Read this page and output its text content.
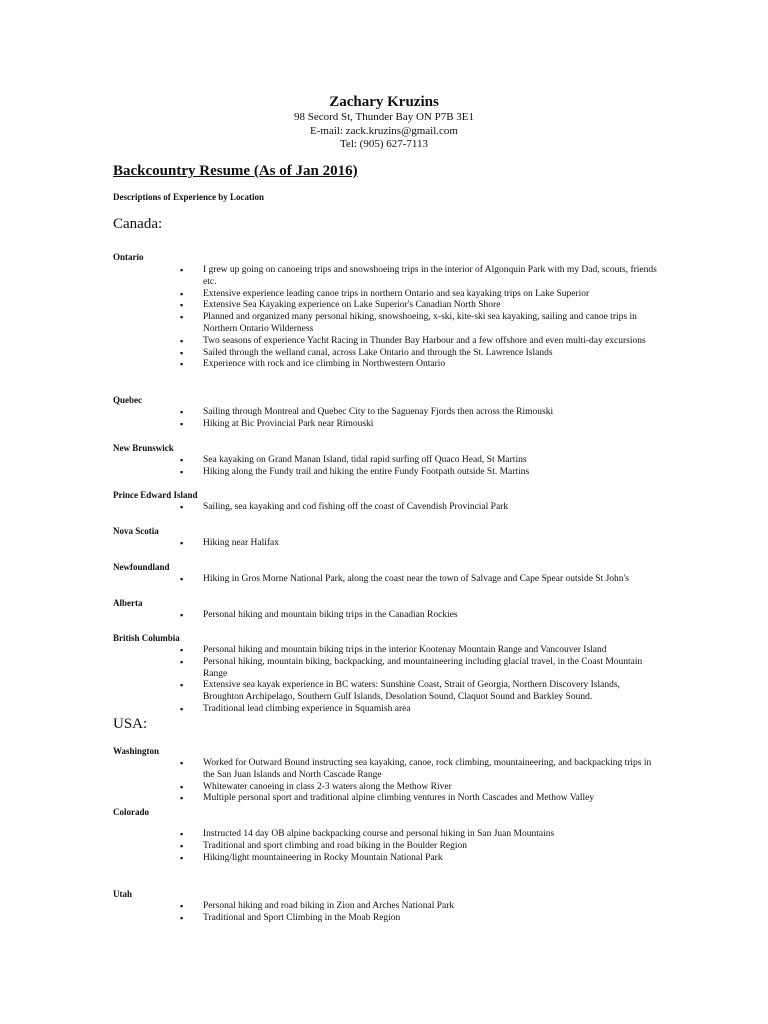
Zachary Kruzins
98 Secord St, Thunder Bay ON P7B 3E1
E-mail: zack.kruzins@gmail.com
Tel: (905) 627-7113
Backcountry Resume (As of Jan 2016)
Descriptions of Experience by Location
Canada:
Ontario
▪ I grew up going on canoeing trips and snowshoeing trips in the interior of Algonquin Park with my Dad, scouts, friends etc.
▪ Extensive experience leading canoe trips in northern Ontario and sea kayaking trips on Lake Superior
▪ Extensive Sea Kayaking experience on Lake Superior's Canadian North Shore
▪ Planned and organized many personal hiking, snowshoeing, x-ski, kite-ski sea kayaking, sailing and canoe trips in Northern Ontario Wilderness
▪ Two seasons of experience Yacht Racing in Thunder Bay Harbour and a few offshore and even multi-day excursions
▪ Sailed through the welland canal, across Lake Ontario and through the St. Lawrence Islands
▪ Experience with rock and ice climbing in Northwestern Ontario
Quebec
▪ Sailing through Montreal and Quebec City to the Saguenay Fjords then across the Rimouski
▪ Hiking at Bic Provincial Park near Rimouski
New Brunswick
▪ Sea kayaking on Grand Manan Island, tidal rapid surfing off Quaco Head, St Martins
▪ Hiking along the Fundy trail and hiking the entire Fundy Footpath outside St. Martins
Prince Edward Island
▪ Sailing, sea kayaking and cod fishing off the coast of Cavendish Provincial Park
Nova Scotia
▪ Hiking near Halifax
Newfoundland
▪ Hiking in Gros Morne National Park, along the coast near the town of Salvage and Cape Spear outside St John's
Alberta
▪ Personal hiking and mountain biking trips in the Canadian Rockies
British Columbia
▪ Personal hiking and mountain biking trips in the interior Kootenay Mountain Range and Vancouver Island
▪ Personal hiking, mountain biking, backpacking, and mountaineering including glacial travel, in the Coast Mountain Range
▪ Extensive sea kayak experience in BC waters: Sunshine Coast, Strait of Georgia, Northern Discovery Islands, Broughton Archipelago, Southern Gulf Islands, Desolation Sound, Claquot Sound and Barkley Sound.
▪ Traditional lead climbing experience in Squamish area
USA:
Washington
▪ Worked for Outward Bound instructing sea kayaking, canoe, rock climbing, mountaineering, and backpacking trips in the San Juan Islands and North Cascade Range
▪ Whitewater canoeing in class 2-3 waters along the Methow River
▪ Multiple personal sport and traditional alpine climbing ventures in North Cascades and Methow Valley
Colorado
▪ Instructed 14 day OB alpine backpacking course and personal hiking in San Juan Mountains
▪ Traditional and sport climbing and road biking in the Boulder Region
▪ Hiking/light mountaineering in Rocky Mountain National Park
Utah
▪ Personal hiking and road biking in Zion and Arches National Park
▪ Traditional and Sport Climbing in the Moab Region
